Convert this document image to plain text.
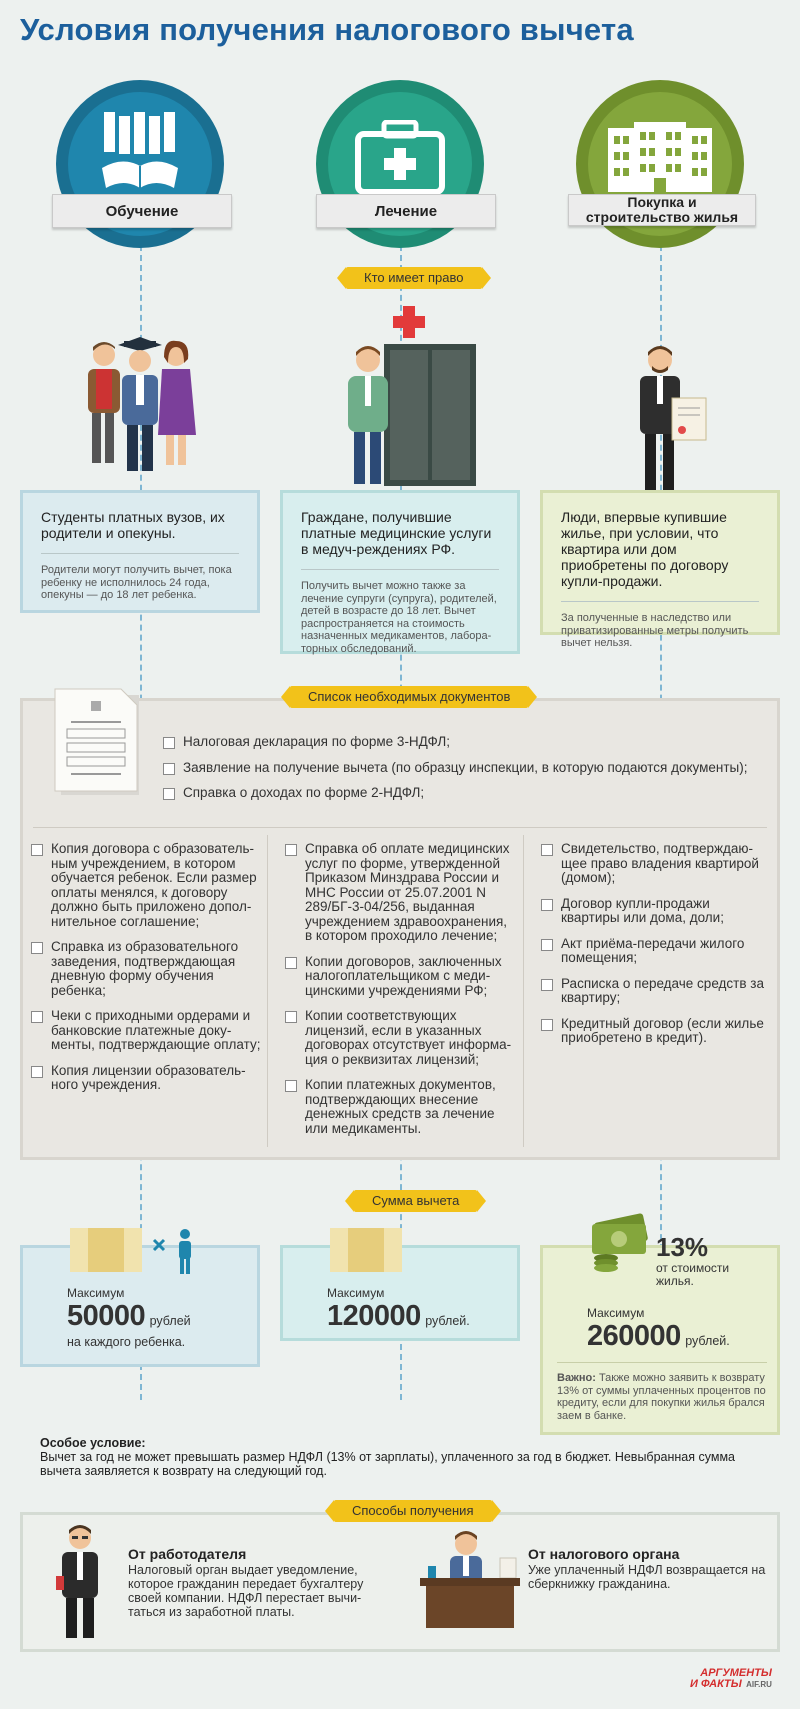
Условия получения налогового вычета
Обучение	Лечение
Покупка и строительство жилья
Кто имеет право
Студенты платных вузов, их родители и опекуны.
Родители могут получить вычет, пока ребенку не исполнилось 24 года, опекуны — до 18 лет ребенка.
Граждане, получившие платные медицинские услуги в медуч-реждениях РФ.
Получить вычет можно также за лечение супруги (супруга), родителей, детей в возрасте до 18 лет. Вычет распространяется на стоимость назначенных медикаментов, лабора-торных обследований.
Люди, впервые купившие жилье, при условии, что квартира или дом приобретены по договору купли-продажи.
За полученные в наследство или приватизированные метры получить вычет нельзя.
Налоговая декларация по форме 3-НДФЛ;
Заявление на получение вычета (по образцу инспекции, в которую подаются документы);
Справка о доходах по форме 2-НДФЛ;
Копия договора с образователь-ным учреждением, в котором обучается ребенок. Если размер оплаты менялся, к договору должно быть приложено допол-нительное соглашение;
Справка из образовательного заведения, подтверждающая дневную форму обучения ребенка;
Чеки с приходными ордерами и банковские платежные доку-менты, подтверждающие оплату;
Копия лицензии образователь-ного учреждения.
Справка об оплате медицинских услуг по форме, утвержденной Приказом Минздрава России и МНС России от 25.07.2001 N 289/БГ-3-04/256, выданная учреждением здравоохранения, в котором проходило лечение;
Копии договоров, заключенных налогоплательщиком с меди-цинскими учреждениями РФ;
Копии соответствующих лицензий, если в указанных договорах отсутствует информа-ция о реквизитах лицензий;
Копии платежных документов, подтверждающих внесение денежных средств за лечение или медикаменты.
Свидетельство, подтверждаю-щее право владения квартирой (домом);
Договор купли-продажи квартиры или дома, доли;
Акт приёма-передачи жилого помещения;
Расписка о передаче средств за квартиру;
Кредитный договор (если жилье приобретено в кредит).
Список необходимых документов
Сумма вычета
Максимум
50000 рублей
на каждого ребенка.
Максимум
120000 рублей.
Максимум
260000 рублей.
Важно: Также можно заявить к возврату 13% от суммы уплаченных процентов по кредиту, если для покупки жилья брался заем в банке.
13%
от стоимости жилья.
Особое условие:
Вычет за год не может превышать размер НДФЛ (13% от зарплаты), уплаченного за год в бюджет. Невыбранная сумма вычета заявляется к возврату на следующий год.
Способы получения
От работодателя
Налоговый орган выдает уведомление, которое гражданин передает бухгалтеру своей компании. НДФЛ перестает вычи-таться из заработной платы.
От налогового органа
Уже уплаченный НДФЛ возвращается на сберкнижку гражданина.
АРГУМЕНТЫ
И ФАКТЫ AIF.RU
